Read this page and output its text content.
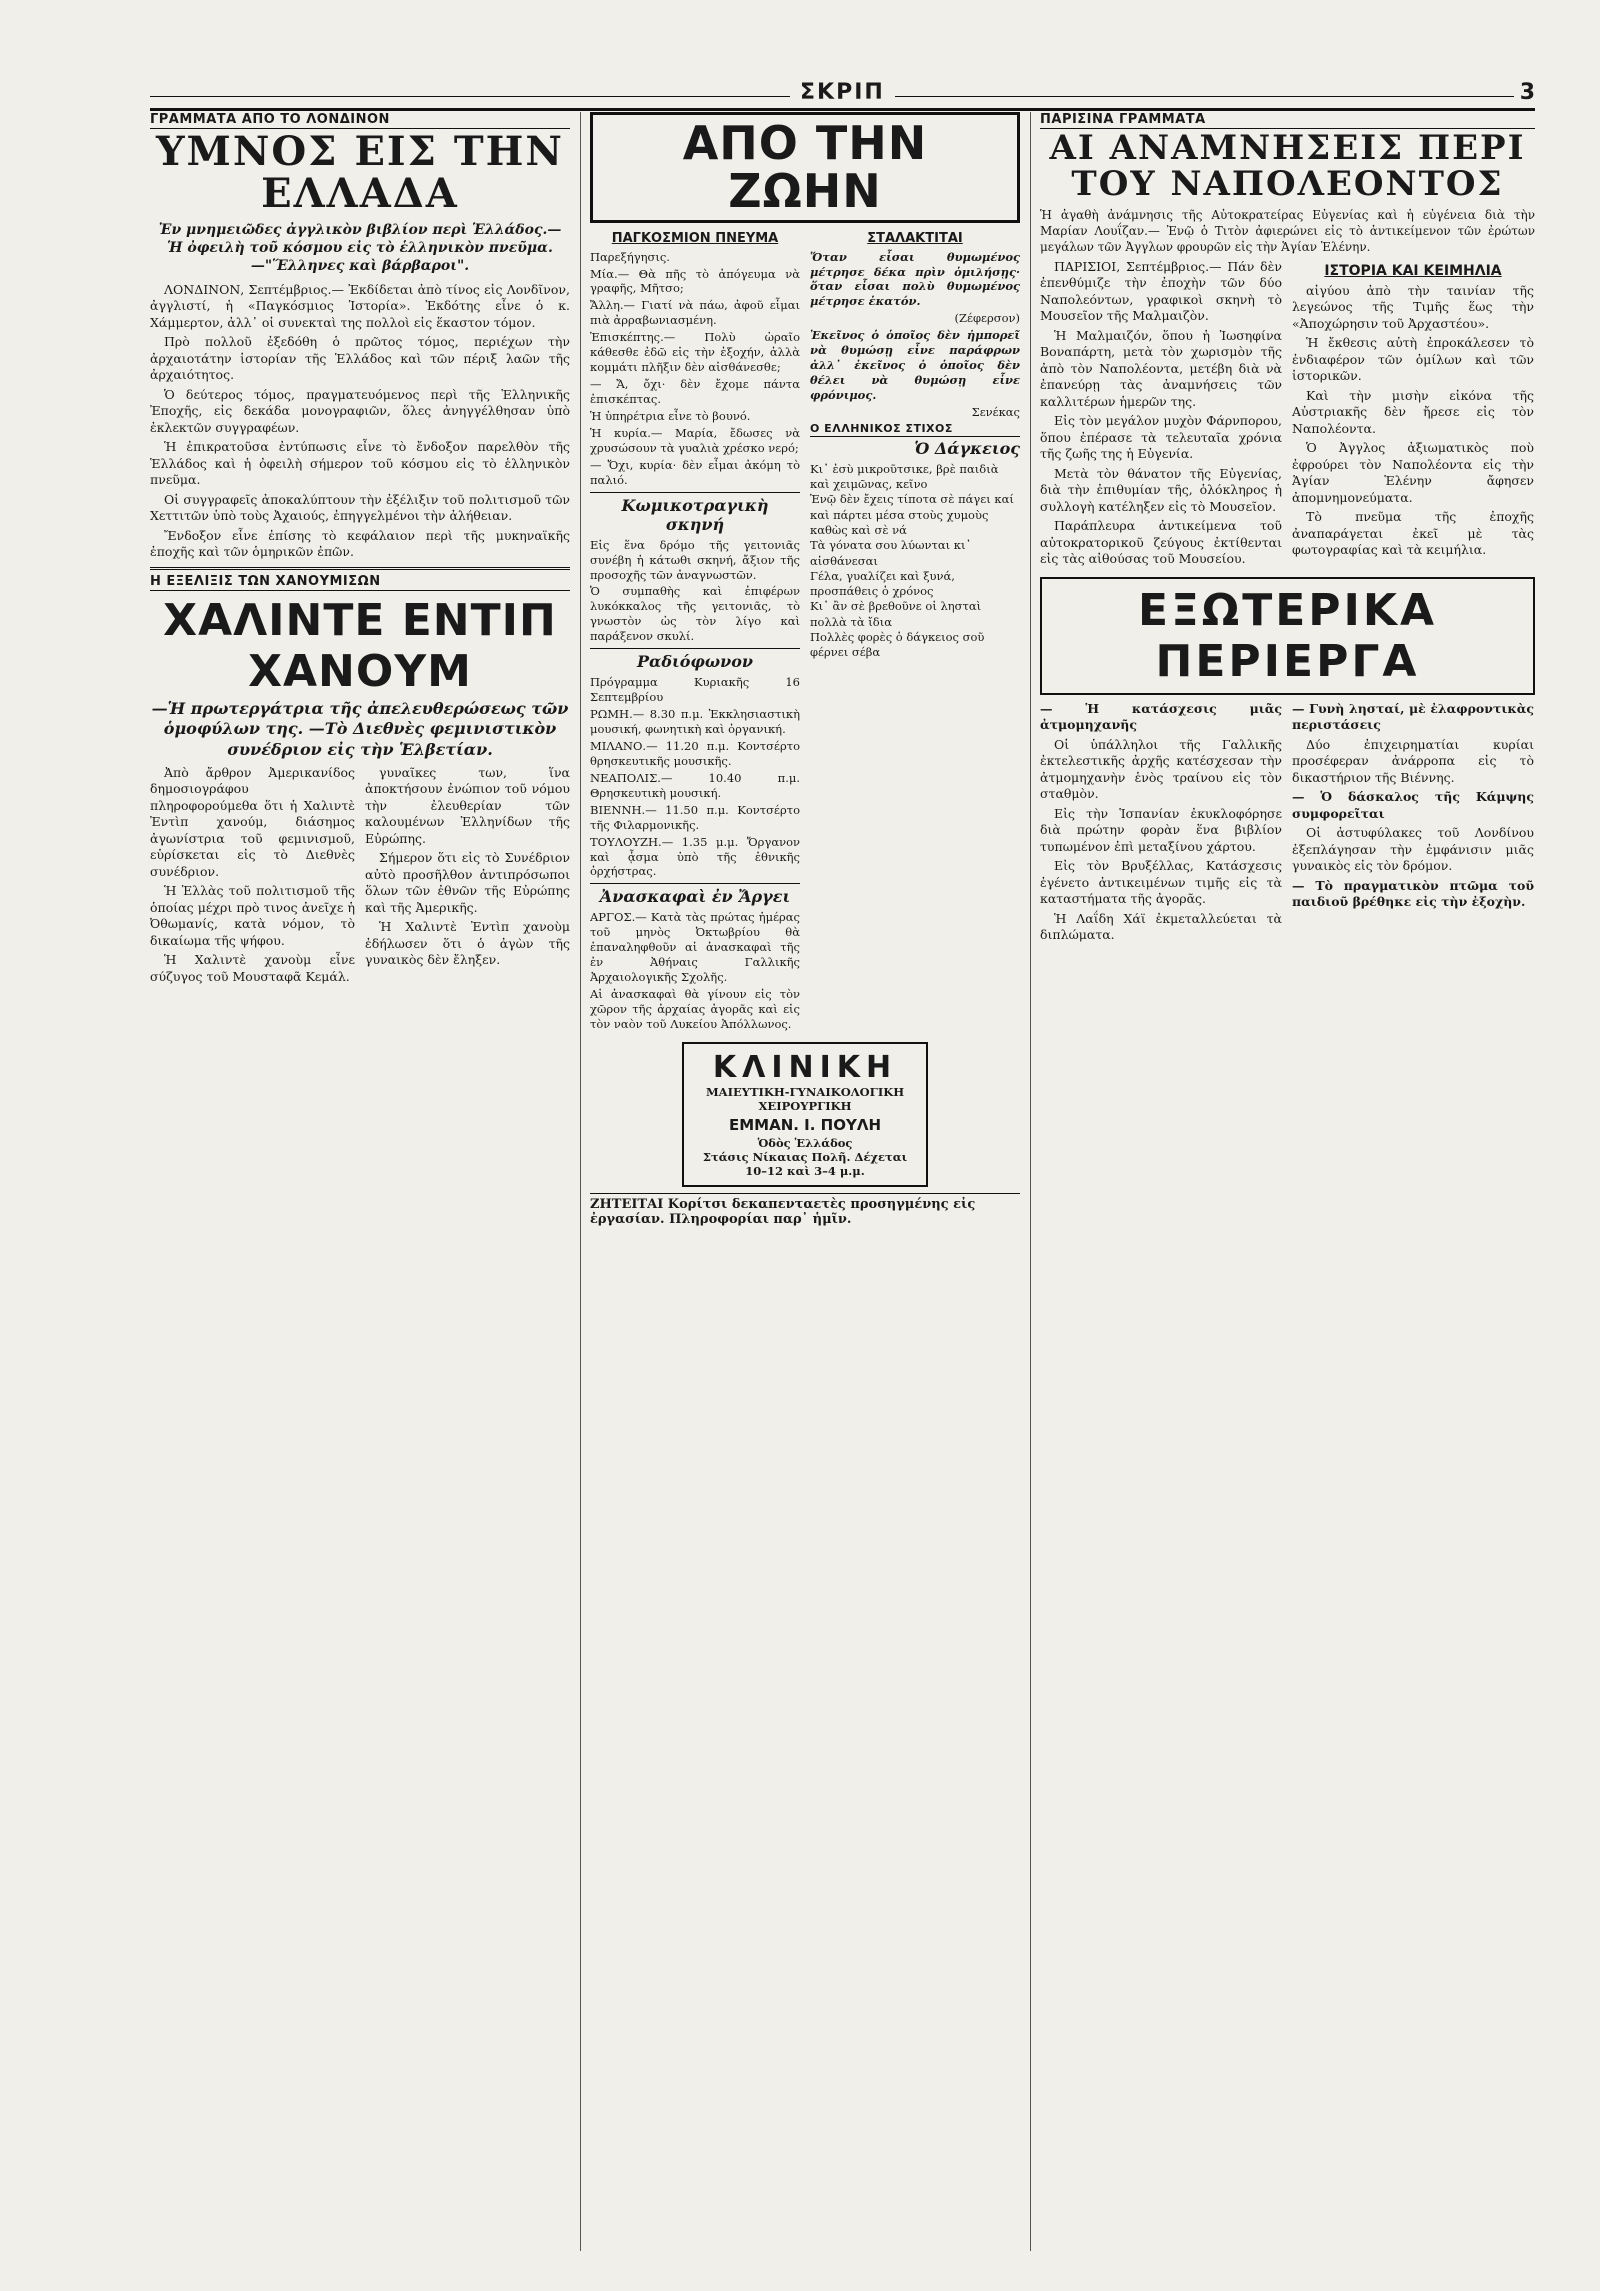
ΣΚΡΙΠ	3
ΓΡΑΜΜΑΤΑ ΑΠΟ ΤΟ ΛΟΝΔΙΝΟΝ
ΥΜΝΟΣ ΕΙΣ ΤΗΝ ΕΛΛΑΔΑ
Ἐν μνημειῶδες ἀγγλικὸν βιβλίον περὶ Ἑλλάδος.—Ἡ ὀφειλὴ τοῦ κόσμου εἰς τὸ ἑλληνικὸν πνεῦμα.—"Ἕλληνες καὶ βάρβαροι".

ΛΟΝΔΙΝΟΝ, Σεπτέμβριος.— Ἐκδίδεται ἀπὸ τίνος εἰς Λονδῖνον, ἀγγλιστί, ἡ «Παγκόσμιος Ἱστορία». Ἐκδότης εἶνε ὁ κ. Χάμμερτον, ἀλλ᾽ οἱ συνεκταὶ της πολλοὶ εἰς ἕκαστον τόμον.

Πρὸ πολλοῦ ἐξεδόθη ὁ πρῶτος τόμος, περιέχων τὴν ἀρχαιοτάτην ἱστορίαν τῆς Ἑλλάδος καὶ τῶν πέριξ λαῶν τῆς ἀρχαιότητος.

Ὁ δεύτερος τόμος, πραγματευόμενος περὶ τῆς Ἑλληνικῆς Ἐποχῆς, εἰς δεκάδα μονογραφιῶν, ὅλες ἀνηγγέλθησαν ὑπὸ ἐκλεκτῶν συγγραφέων.

Ἡ ἐπικρατοῦσα ἐντύπωσις εἶνε τὸ ἔνδοξον παρελθὸν τῆς Ἑλλάδος καὶ ἡ ὀφειλὴ σήμερον τοῦ κόσμου εἰς τὸ ἑλληνικὸν πνεῦμα.

Οἱ συγγραφεῖς ἀποκαλύπτουν τὴν ἐξέλιξιν τοῦ πολιτισμοῦ τῶν Χεττιτῶν ὑπὸ τοὺς Ἀχαιούς, ἐπηγγελμένοι τὴν ἀλήθειαν.

Ἔνδοξον εἶνε ἐπίσης τὸ κεφάλαιον περὶ τῆς μυκηναϊκῆς ἐποχῆς καὶ τῶν ὁμηρικῶν ἐπῶν.

Η ΕΞΕΛΙΞΙΣ ΤΩΝ ΧΑΝΟΥΜΙΣΩΝ
ΧΑΛΙΝΤΕ ΕΝΤΙΠ ΧΑΝΟΥΜ
—Ἡ πρωτεργάτρια τῆς ἀπελευθερώσεως τῶν ὁμοφύλων της. —Τὸ Διεθνὲς φεμινιστικὸν συνέδριον εἰς τὴν Ἑλβετίαν.

Ἀπὸ ἄρθρον Ἀμερικανίδος δημοσιογράφου πληροφορούμεθα ὅτι ἡ Χαλιντὲ Ἐντὶπ χανούμ, διάσημος ἀγωνίστρια τοῦ φεμινισμοῦ, εὑρίσκεται εἰς τὸ Διεθνὲς συνέδριον.

Ἡ Ἑλλὰς τοῦ πολιτισμοῦ τῆς ὁποίας μέχρι πρὸ τινος ἀνεῖχε ἡ Ὀθωμανίς, κατὰ νόμον, τὸ δικαίωμα τῆς ψήφου.

Ἡ Χαλιντὲ χανοὺμ εἶνε σύζυγος τοῦ Μουσταφᾶ Κεμάλ.

γυναῖκες των, ἵνα ἀποκτήσουν ἐνώπιον τοῦ νόμου τὴν ἐλευθερίαν τῶν καλουμένων Ἑλληνίδων τῆς Εὐρώπης.

Σήμερον ὅτι εἰς τὸ Συνέδριον αὐτὸ προσῆλθον ἀντιπρόσωποι ὅλων τῶν ἐθνῶν τῆς Εὐρώπης καὶ τῆς Ἀμερικῆς.

Ἡ Χαλιντὲ Ἐντὶπ χανοὺμ ἐδήλωσεν ὅτι ὁ ἀγὼν τῆς γυναικὸς δὲν ἔληξεν.

ΑΠΟ ΤΗΝ ΖΩΗΝ
ΠΑΓΚΟΣΜΙΟΝ ΠΝΕΥΜΑ

Παρεξήγησις.

Μία.— Θὰ πῆς τὸ ἀπόγευμα νὰ γραφῆς, Μῆτσο;

Ἄλλη.— Γιατί νὰ πάω, ἀφοῦ εἶμαι πιὰ ἀρραβωνιασμένη.

Ἐπισκέπτης.— Πολὺ ὡραῖο κάθεσθε ἐδῶ εἰς τὴν ἐξοχήν, ἀλλὰ κομμάτι πλῆξιν δὲν αἰσθάνεσθε;

— Ἄ, ὄχι· δὲν ἔχομε πάντα ἐπισκέπτας.

Ἡ ὑπηρέτρια εἶνε τὸ βουνό.

Ἡ κυρία.— Μαρία, ἔδωσες νὰ χρυσώσουν τὰ γυαλιὰ χρέσκο νερό;

— Ὄχι, κυρία· δὲν εἶμαι ἀκόμη τὸ παλιό.

Κωμικοτραγικὴ σκηνή

Εἰς ἕνα δρόμο τῆς γειτονιᾶς συνέβη ἡ κάτωθι σκηνή, ἄξιον τῆς προσοχῆς τῶν ἀναγνωστῶν.

Ὁ συμπαθὴς καὶ ἐπιφέρων λυκόκκαλος τῆς γειτονιᾶς, τὸ γνωστὸν ὡς τὸν λίγο καὶ παράξενον σκυλί.

Ραδιόφωνον

Πρόγραμμα Κυριακῆς 16 Σεπτεμβρίου

ΡΩΜΗ.— 8.30 π.μ. Ἐκκλησιαστικὴ μουσική, φωνητικὴ καὶ ὀργανική.

ΜΙΛΑΝΟ.— 11.20 π.μ. Κοντσέρτο θρησκευτικῆς μουσικῆς.

ΝΕΑΠΟΛΙΣ.— 10.40 π.μ. Θρησκευτικὴ μουσική.

ΒΙΕΝΝΗ.— 11.50 π.μ. Κοντσέρτο τῆς Φιλαρμονικῆς.

ΤΟΥΛΟΥΖΗ.— 1.35 μ.μ. Ὄργανον καὶ ᾆσμα ὑπὸ τῆς ἐθνικῆς ὀρχήστρας.

Ἀνασκαφαὶ ἐν Ἄργει

ΑΡΓΟΣ.— Κατὰ τὰς πρώτας ἡμέρας τοῦ μηνὸς Ὀκτωβρίου θὰ ἐπαναληφθοῦν αἱ ἀνασκαφαὶ τῆς ἐν Ἀθήναις Γαλλικῆς Ἀρχαιολογικῆς Σχολῆς.

Αἱ ἀνασκαφαὶ θὰ γίνουν εἰς τὸν χῶρον τῆς ἀρχαίας ἀγορᾶς καὶ εἰς τὸν ναὸν τοῦ Λυκείου Ἀπόλλωνος.

ΣΤΑΛΑΚΤΙΤΑΙ

Ὅταν εἶσαι θυμωμένος μέτρησε δέκα πρὶν ὁμιλήσῃς· ὅταν εἶσαι πολὺ θυμωμένος μέτρησε ἑκατόν.

(Ζέφερσον)

Ἐκεῖνος ὁ ὁποῖος δὲν ἠμπορεῖ νὰ θυμώσῃ εἶνε παράφρων ἀλλ᾽ ἐκεῖνος ὁ ὁποῖος δὲν θέλει νὰ θυμώσῃ εἶνε φρόνιμος.

Σενέκας

Ο ΕΛΛΗΝΙΚΟΣ ΣΤΙΧΟΣ
Ὁ Δάγκειος

Κι᾽ ἐσὺ μικροῦτσικε, βρὲ παιδιὰ καὶ χειμῶνας, κεῖνο

Ἐνῷ δὲν ἔχεις τίποτα σὲ πάγει καί

καὶ πάρτει μέσα στοὺς χυμοὺς καθὼς καὶ σὲ νά

Τὰ γόνατα σου λύωνται κι᾽ αἰσθάνεσαι

Γέλα, γυαλίζει καὶ ξυνά, προσπάθεις ὁ χρόνος

Κι᾽ ἂν σὲ βρεθοῦνε οἱ λησταὶ πολλὰ τὰ ἴδια

Πολλὲς φορὲς ὁ δάγκειος σοῦ φέρνει σέβα

ΚΛΙΝΙΚΗ
ΜΑΙΕΥΤΙΚΗ-ΓΥΝΑΙΚΟΛΟΓΙΚΗ
ΧΕΙΡΟΥΡΓΙΚΗ
ΕΜΜΑΝ. Ι. ΠΟΥΛΗ
Ὁδὸς Ἑλλάδος
Στάσις Νίκαιας Πολῆ. Δέχεται 10–12 καὶ 3–4 μ.μ.
ΖΗΤΕΙΤΑΙ Κορίτσι δεκαπενταετὲς προσηγμένης εἰς ἐργασίαν. Πληροφορίαι παρ᾽ ἡμῖν.
ΠΑΡΙΣΙΝΑ ΓΡΑΜΜΑΤΑ
ΑΙ ΑΝΑΜΝΗΣΕΙΣ ΠΕΡΙ ΤΟΥ ΝΑΠΟΛΕΟΝΤΟΣ

Ἡ ἀγαθὴ ἀνάμνησις τῆς Αὐτοκρατείρας Εὐγενίας καὶ ἡ εὐγένεια διὰ τὴν Μαρίαν Λουΐζαν.— Ἐνῷ ὁ Τιτὸν ἀφιερώνει εἰς τὸ ἀντικείμενον τῶν ἐρώτων μεγάλων τῶν Ἀγγλων φρουρῶν εἰς τὴν Ἁγίαν Ἑλένην.

ΠΑΡΙΣΙΟΙ, Σεπτέμβριος.— Πάν δὲν ἐπενθύμιζε τὴν ἐποχὴν τῶν δύο Ναπολεόντων, γραφικοὶ σκηνὴ τὸ Μουσεῖον τῆς Μαλμαιζὸν.

Ἡ Μαλμαιζόν, ὅπου ἡ Ἰωσηφίνα Βοναπάρτη, μετὰ τὸν χωρισμὸν τῆς ἀπὸ τὸν Ναπολέοντα, μετέβη διὰ νὰ ἐπανεύρῃ τὰς ἀναμνήσεις τῶν καλλιτέρων ἡμερῶν της.

Εἰς τὸν μεγάλον μυχὸν Φάρνπορου, ὅπου ἐπέρασε τὰ τελευταῖα χρόνια τῆς ζωῆς της ἡ Εὐγενία.

Μετὰ τὸν θάνατον τῆς Εὐγενίας, διὰ τὴν ἐπιθυμίαν τῆς, ὁλόκληρος ἡ συλλογὴ κατέληξεν εἰς τὸ Μουσεῖον.

Παράπλευρα ἀντικείμενα τοῦ αὐτοκρατορικοῦ ζεύγους ἐκτίθενται εἰς τὰς αἰθούσας τοῦ Μουσείου.

ΙΣΤΟΡΙΑ ΚΑΙ ΚΕΙΜΗΛΙΑ

αἰγύου ἀπὸ τὴν ταινίαν τῆς λεγεώνος τῆς Τιμῆς ἕως τὴν «Ἀποχώρησιν τοῦ Ἀρχαστέου».

Ἡ ἔκθεσις αὐτὴ ἐπροκάλεσεν τὸ ἐνδιαφέρον τῶν ὁμίλων καὶ τῶν ἱστορικῶν.

Καὶ τὴν μισὴν εἰκόνα τῆς Αὐστριακῆς δὲν ἤρεσε εἰς τὸν Ναπολέοντα.

Ὁ Ἀγγλος ἀξιωματικὸς ποὺ ἐφρούρει τὸν Ναπολέοντα εἰς τὴν Ἁγίαν Ἑλένην ἄφησεν ἀπομνημονεύματα.

Τὸ πνεῦμα τῆς ἐποχῆς ἀναπαράγεται ἐκεῖ μὲ τὰς φωτογραφίας καὶ τὰ κειμήλια.

ΕΞΩΤΕΡΙΚΑ ΠΕΡΙΕΡΓΑ

— Ἡ κατάσχεσις μιᾶς ἀτμομηχανῆς

Οἱ ὑπάλληλοι τῆς Γαλλικῆς ἐκτελεστικῆς ἀρχῆς κατέσχεσαν τὴν ἀτμομηχανὴν ἑνὸς τραίνου εἰς τὸν σταθμὸν.

Εἰς τὴν Ἱσπανίαν ἐκυκλοφόρησε διὰ πρώτην φορὰν ἕνα βιβλίον τυπωμένον ἐπὶ μεταξίνου χάρτου.

Εἰς τὸν Βρυξέλλας, Κατάσχεσις ἐγένετο ἀντικειμένων τιμῆς εἰς τὰ καταστήματα τῆς ἀγορᾶς.

Ἡ Λαΐδη Χάϊ ἐκμεταλλεύεται τὰ διπλώματα.

— Γυνὴ λησταί, μὲ ἐλαφροντικὰς περιστάσεις

Δύο ἐπιχειρηματίαι κυρίαι προσέφεραν ἀνάρροπα εἰς τὸ δικαστήριον τῆς Βιέννης.

— Ὁ δάσκαλος τῆς Κάμψης συμφορεῖται

Οἱ ἀστυφύλακες τοῦ Λονδίνου ἐξεπλάγησαν τὴν ἐμφάνισιν μιᾶς γυναικὸς εἰς τὸν δρόμον.

— Τὸ πραγματικὸν πτῶμα τοῦ παιδιοῦ βρέθηκε εἰς τὴν ἐξοχὴν.
